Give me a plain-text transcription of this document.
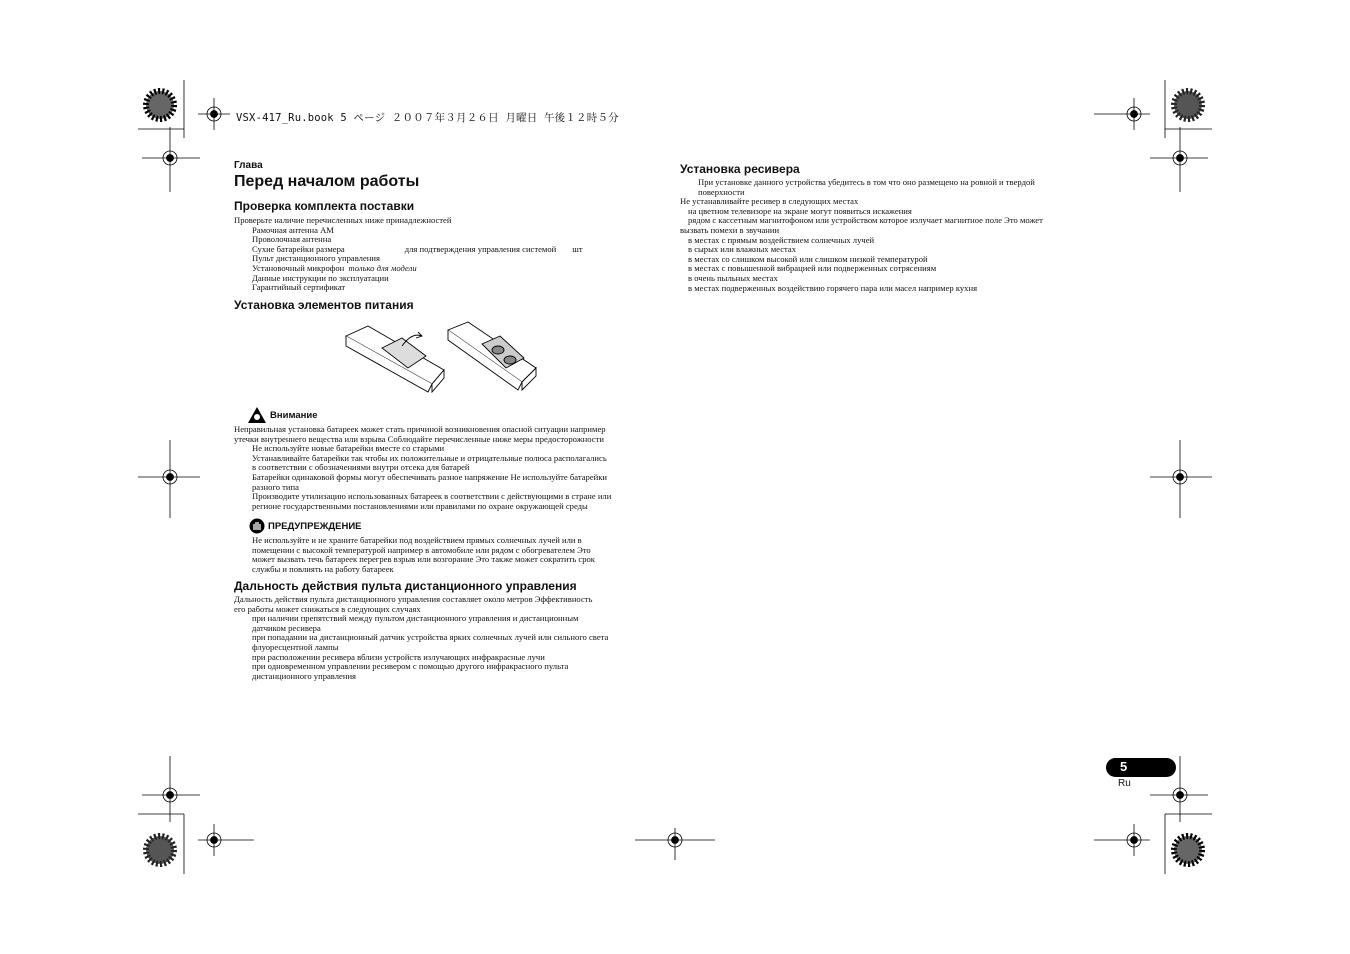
VSX-417_Ru.book 5 ページ ２００７年３月２６日 月曜日 午後１２時５分
Глава
Перед началом работы
Проверка комплекта поставки
Проверьте наличие перечисленных ниже принадлежностей
Рамочная антенна AM
Проволочная антенна
Сухие батарейки размера	для подтверждения управления системой шт
Пульт дистанционного управления
Установочный микрофон только для модели
Данные инструкции по эксплуатации
Гарантийный сертификат
Установка элементов питания
Внимание
Неправильная установка батареек может стать причиной возникновения опасной ситуации например
утечки внутреннего вещества или взрыва Соблюдайте перечисленные ниже меры предосторожности
Не используйте новые батарейки вместе со старыми
Устанавливайте батарейки так чтобы их положительные и отрицательные полюса располагались
в соответствии с обозначениями внутри отсека для батарей
Батарейки одинаковой формы могут обеспечивать разное напряжение Не используйте батарейки
разного типа
Производите утилизацию использованных батареек в соответствии с действующими в стране или
регионе государственными постановлениями или правилами по охране окружающей среды
ПРЕДУПРЕЖДЕНИЕ
Не используйте и не храните батарейки под воздействием прямых солнечных лучей или в
помещении с высокой температурой например в автомобиле или рядом с обогревателем Это
может вызвать течь батареек перегрев взрыв или возгорание Это также может сократить срок
службы и повлиять на работу батареек
Дальность действия пульта дистанционного управления
Дальность действия пульта дистанционного управления составляет около метров Эффективность
его работы может снижаться в следующих случаях
при наличии препятствий между пультом дистанционного управления и дистанционным
датчиком ресивера
при попадании на дистанционный датчик устройства ярких солнечных лучей или сильного света
флуоресцентной лампы
при расположении ресивера вблизи устройств излучающих инфракрасные лучи
при одновременном управлении ресивером с помощью другого инфракрасного пульта
дистанционного управления
Установка ресивера
При установке данного устройства убедитесь в том что оно размещено на ровной и твердой
поверхности
Не устанавливайте ресивер в следующих местах
на цветном телевизоре на экране могут появиться искажения
рядом с кассетным магнитофоном или устройством которое излучает магнитное поле Это может
вызвать помехи в звучании
в местах с прямым воздействием солнечных лучей
в сырых или влажных местах
в местах со слишком высокой или слишком низкой температурой
в местах с повышенной вибрацией или подверженных сотрясениям
в очень пыльных местах
в местах подверженных воздействию горячего пара или масел например кухня
5
Ru
